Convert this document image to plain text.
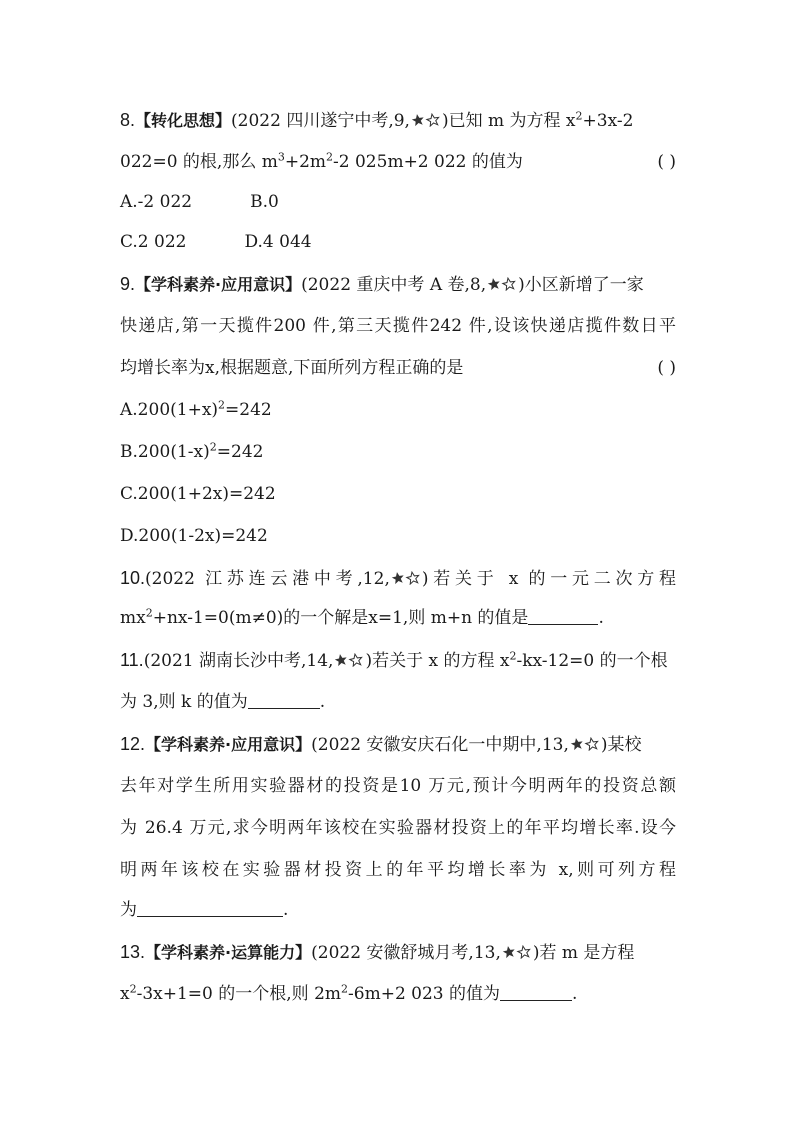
8.【转化思想】(2022 四川遂宁中考,9, )已知 m 为方程 $x^2+3x-2$
022=0 的根,那么 $m^3+2m^2-2$ 025m+2 022 的值为	( )
A.-2 022	B.0
C.2 022	D.4 044
9.【学科素养·应用意识】(2022 重庆中考 A 卷,8, )小区新增了一家
快递店,第一天揽件200 件,第三天揽件242 件,设该快递店揽件数日平
均增长率为x,根据题意,下面所列方程正确的是	( )
$A.200(1+x)^2=242$
$B.200(1-x)^2=242$
C.200(1+2x)=242
D.200(1-2x)=242
10.(2022 江苏连云港中考,12, )若关于 x 的一元二次方程
$mx^2+nx-1=0(m\ne 0)$的一个解是x=1,则 m+n 的值是	.
11.(2021 湖南长沙中考,14, )若关于 x 的方程 $x^2-kx-12=0$ 的一个根
为 3,则 k 的值为	.
12.【学科素养·应用意识】(2022 安徽安庆石化一中期中,13, )某校
去年对学生所用实验器材的投资是10 万元,预计今明两年的投资总额
为 26.4 万元,求今明两年该校在实验器材投资上的年平均增长率.设今
明两年该校在实验器材投资上的年平均增长率为 x,则可列方程
为	.
13.【学科素养·运算能力】(2022 安徽舒城月考,13, )若 m 是方程
$x^2-3x+1=0$ 的一个根,则 $2m^2-6m+2$ 023 的值为	.
